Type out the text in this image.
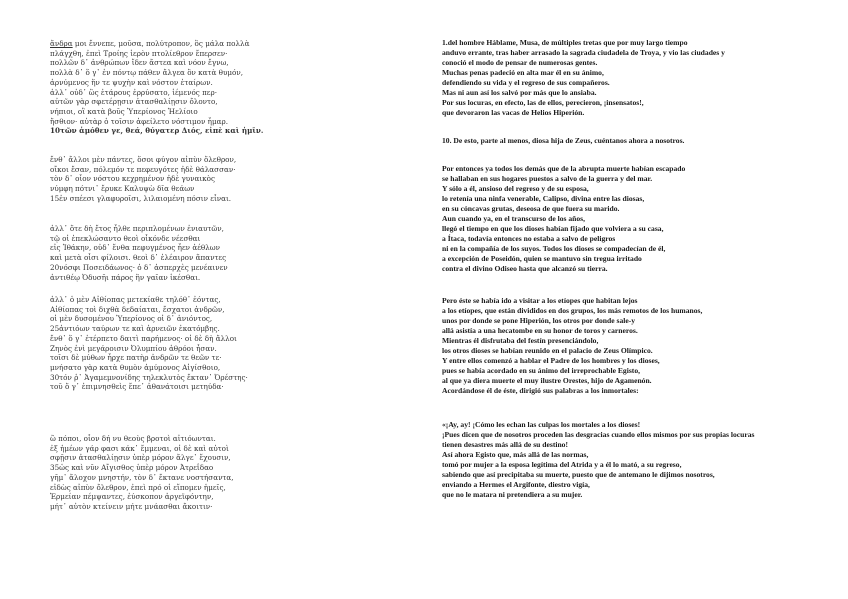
ἄνδρα μοι ἔννεπε, μοῦσα, πολύτροπον, ὃς μάλα πολλὰ
πλάγχθη, ἐπεὶ Τροίης ἱερὸν πτολίεθρον ἔπερσεν·
πολλῶν δ᾽ ἀνθρώπων ἴδεν ἄστεα καὶ νόον ἔγνω,
πολλὰ δ᾽ ὅ γ᾽ ἐν πόντῳ πάθεν ἄλγεα ὃν κατὰ θυμόν,
ἀρνύμενος ἥν τε ψυχὴν καὶ νόστον ἑταίρων.
ἀλλ᾽ οὐδ᾽ ὣς ἑτάρους ἐρρύσατο, ἱέμενός περ·
αὐτῶν γὰρ σφετέρῃσιν ἀτασθαλίῃσιν ὄλοντο,
νήπιοι, οἳ κατὰ βοῦς Ὑπερίονος Ἠελίοιο
ἤσθιον· αὐτὰρ ὁ τοῖσιν ἀφείλετο νόστιμον ἦμαρ.
10τῶν ἁμόθεν γε, θεά, θύγατερ Διός, εἰπὲ καὶ ἡμῖν.
ἔνθ᾽ ἄλλοι μὲν πάντες, ὅσοι φύγον αἰπὺν ὄλεθρον,
οἴκοι ἔσαν, πόλεμόν τε πεφευγότες ἠδὲ θάλασσαν·
τὸν δ᾽ οἶον νόστου κεχρημένον ἠδὲ γυναικὸς
νύμφη πότνι᾽ ἔρυκε Καλυψὼ δῖα θεάων
15ἐν σπέεσι γλαφυροῖσι, λιλαιομένη πόσιν εἶναι.
ἀλλ᾽ ὅτε δὴ ἔτος ἦλθε περιπλομένων ἐνιαυτῶν,
τῷ οἱ ἐπεκλώσαντο θεοὶ οἶκόνδε νέεσθαι
εἰς Ἰθάκην, οὐδ᾽ ἔνθα πεφυγμένος ἦεν ἀέθλων
καὶ μετὰ οἷσι φίλοισι. θεοὶ δ᾽ ἐλέαιρον ἅπαντες
20νόσφι Ποσειδάωνος· ὁ δ᾽ ἀσπερχὲς μενέαινεν
ἀντιθέῳ Ὀδυσῆι πάρος ἣν γαῖαν ἱκέσθαι.
ἀλλ᾽ ὁ μὲν Αἰθίοπας μετεκίαθε τηλόθ᾽ ἐόντας,
Αἰθίοπας τοὶ διχθὰ δεδαίαται, ἔσχατοι ἀνδρῶν,
οἱ μὲν δυσομένου Ὑπερίονος οἱ δ᾽ ἀνιόντος,
25ἀντιόων ταύρων τε καὶ ἀρνειῶν ἑκατόμβης.
ἔνθ᾽ ὅ γ᾽ ἐτέρπετο δαιτὶ παρήμενος· οἱ δὲ δὴ ἄλλοι
Ζηνὸς ἐνὶ μεγάροισιν Ὀλυμπίου ἁθρόοι ἦσαν.
τοῖσι δὲ μύθων ἦρχε πατὴρ ἀνδρῶν τε θεῶν τε·
μνήσατο γὰρ κατὰ θυμὸν ἀμύμονος Αἰγίσθοιο,
30τόν ῥ᾽ Ἀγαμεμνονίδης τηλεκλυτὸς ἔκταν᾽ Ὀρέστης·
τοῦ ὅ γ᾽ ἐπιμνησθεὶς ἔπε᾽ ἀθανάτοισι μετηύδα·
ὢ πόποι, οἷον δή νυ θεοὺς βροτοὶ αἰτιόωνται.
ἐξ ἡμέων γάρ φασι κάκ᾽ ἔμμεναι, οἱ δὲ καὶ αὐτοὶ
σφῇσιν ἀτασθαλίῃσιν ὑπὲρ μόρον ἄλγε᾽ ἔχουσιν,
35ὡς καὶ νῦν Αἴγισθος ὑπὲρ μόρον Ἀτρεΐδαο
γῆμ᾽ ἄλοχον μνηστήν, τὸν δ᾽ ἔκτανε νοστήσαντα,
εἰδὼς αἰπὺν ὄλεθρον, ἐπεὶ πρό οἱ εἴπομεν ἡμεῖς,
Ἑρμείαν πέμψαντες, ἐύσκοπον ἀργεϊφόντην,
μήτ᾽ αὐτὸν κτείνειν μήτε μνάασθαι ἄκοιτιν·
1.del hombre Háblame, Musa, de múltiples tretas que por muy largo tiempo
anduvo errante, tras haber arrasado la sagrada ciudadela de Troya, y vio las ciudades y
conoció el modo de pensar de numerosas gentes.
Muchas penas padeció en alta mar él en su ánimo,
defendiendo su vida y el regreso de sus compañeros.
Mas ni aun así los salvó por más que lo ansiaba.
Por sus locuras, en efecto, las de ellos, perecieron, ¡insensatos!,
que devoraron las vacas de Helios Hiperión.
10. De esto, parte al menos, diosa hija de Zeus, cuéntanos ahora a nosotros.
Por entonces ya todos los demás que de la abrupta muerte habían escapado
se hallaban en sus hogares puestos a salvo de la guerra y del mar.
Y sólo a él, ansioso del regreso y de su esposa,
lo retenía una ninfa venerable, Calipso, divina entre las diosas,
en su cóncavas grutas, deseosa de que fuera su marido.
Aun cuando ya, en el transcurso de los años,
llegó el tiempo en que los dioses habían fijado que volviera a su casa,
a Ítaca, todavía entonces no estaba a salvo de peligros
ni en la compañía de los suyos. Todos los dioses se compadecían de él,
a excepción de Poseidón, quien se mantuvo sin tregua irritado
contra el divino Odiseo hasta que alcanzó su tierra.
Pero éste se había ido a visitar a los etíopes que habitan lejos
a los etíopes, que están divididos en dos grupos, los más remotos de los humanos,
unos por donde se pone Hiperión, los otros por donde sale-y
allá asistía a una hecatombe en su honor de toros y carneros.
Mientras él disfrutaba del festín presenciándolo,
los otros dioses se habían reunido en el palacio de Zeus Olímpico.
Y entre ellos comenzó a hablar el Padre de los hombres y los dioses,
pues se había acordado en su ánimo del irreprochable Egisto,
al que ya diera muerte el muy ilustre Orestes, hijo de Agamenón.
Acordándose él de éste, dirigió sus palabras a los inmortales:
«¡Ay, ay! ¡Cómo les echan las culpas los mortales a los dioses!
¡Pues dicen que de nosotros proceden las desgracias cuando ellos mismos por sus propias locuras
tienen desastres más allá de su destino!
Así ahora Egisto que, más allá de las normas,
tomó por mujer a la esposa legítima del Atrida y a él lo mató, a su regreso,
sabiendo que así precipitaba su muerte, puesto que de antemano le dijimos nosotros,
enviando a Hermes el Argifonte, diestro vigía,
que no le matara ni pretendiera a su mujer.
